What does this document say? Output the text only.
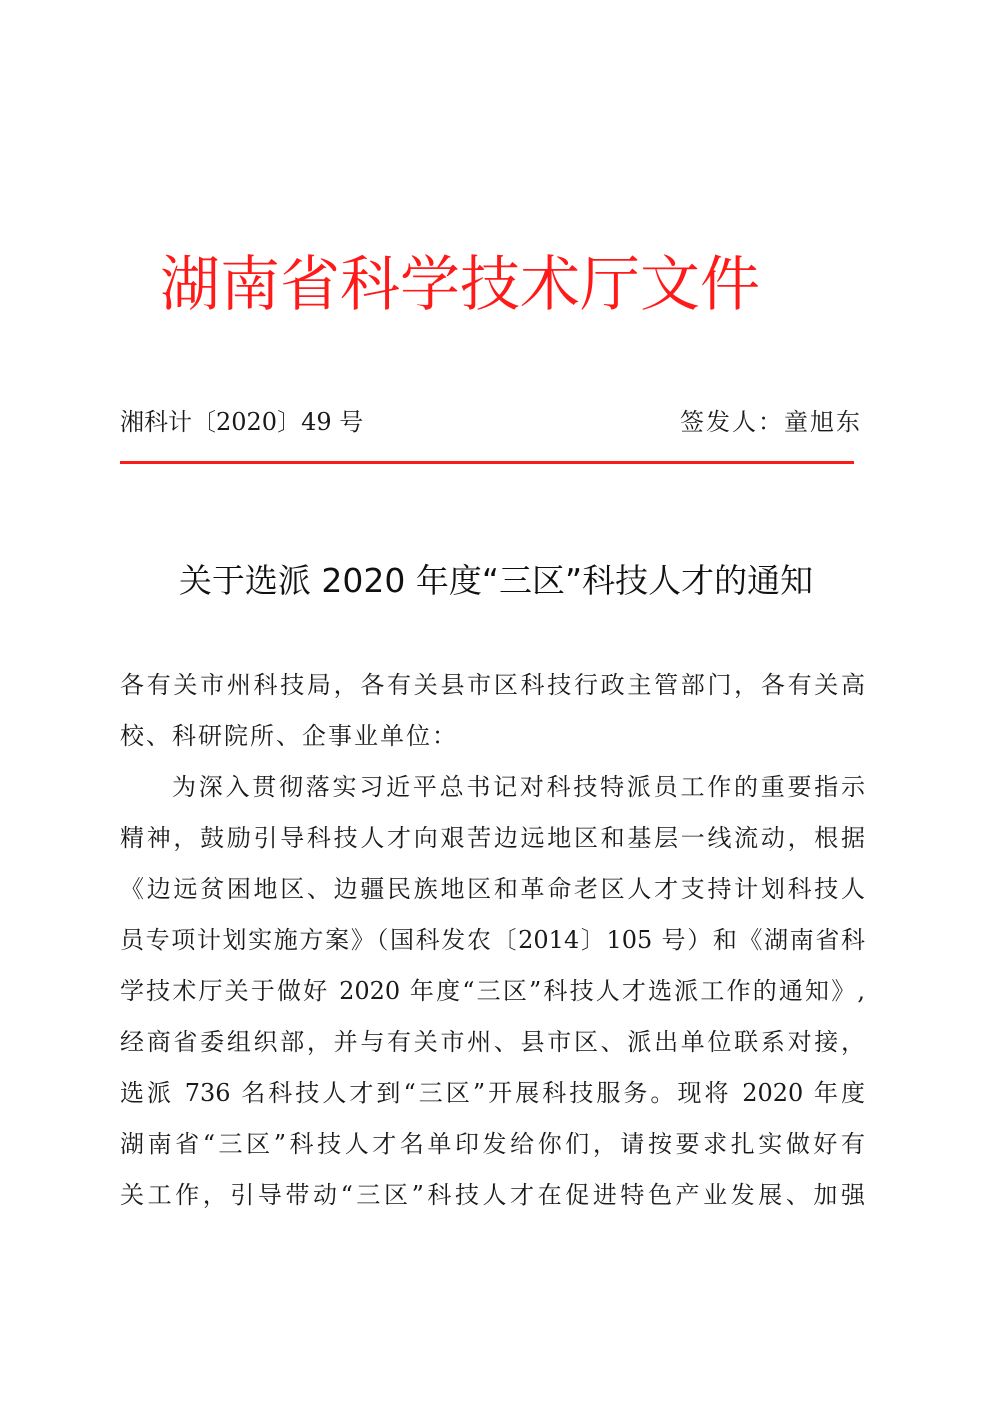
湖南省科学技术厅文件
湘科计〔2020〕49 号	签发人：童旭东
关于选派 2020 年度“三区”科技人才的通知
各有关市州科技局，各有关县市区科技行政主管部门，各有关高
校、科研院所、企事业单位：
为深入贯彻落实习近平总书记对科技特派员工作的重要指示
精神，鼓励引导科技人才向艰苦边远地区和基层一线流动，根据
《边远贫困地区、边疆民族地区和革命老区人才支持计划科技人
员专项计划实施方案》（国科发农〔2014〕105 号）和《湖南省科
学技术厅关于做好 2020 年度“三区”科技人才选派工作的通知》,
经商省委组织部，并与有关市州、县市区、派出单位联系对接，
选派 736 名科技人才到“三区”开展科技服务。现将 2020 年度
湖南省“三区”科技人才名单印发给你们，请按要求扎实做好有
关工作，引导带动“三区”科技人才在促进特色产业发展、加强
